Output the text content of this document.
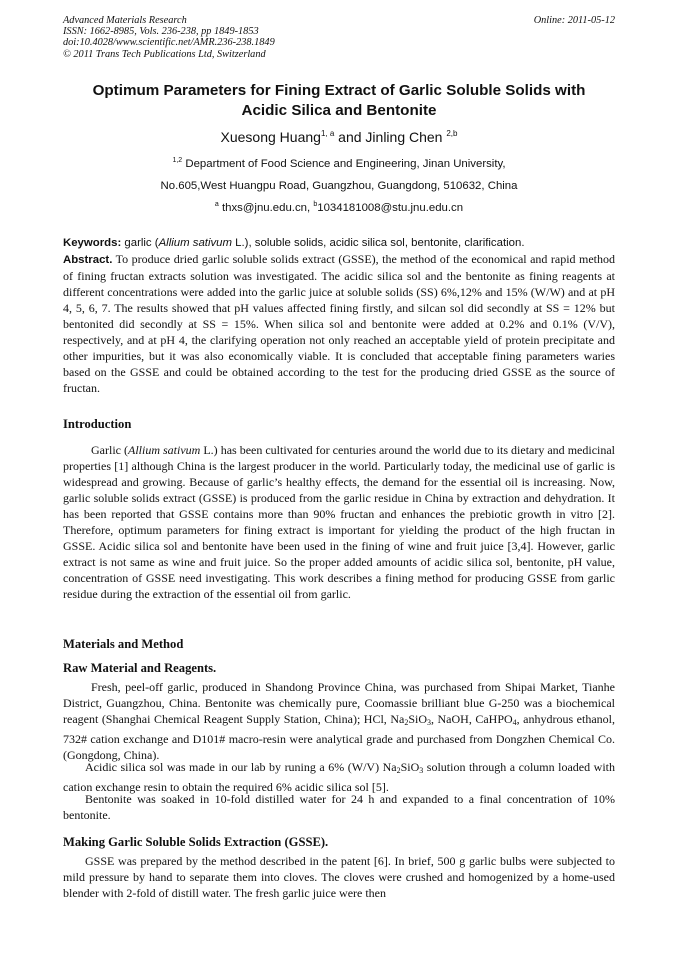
Advanced Materials Research
ISSN: 1662-8985, Vols. 236-238, pp 1849-1853
doi:10.4028/www.scientific.net/AMR.236-238.1849
© 2011 Trans Tech Publications Ltd, Switzerland
Online: 2011-05-12
Optimum Parameters for Fining Extract of Garlic Soluble Solids with
Acidic Silica and Bentonite
Xuesong Huang$^{1, a}$ and Jinling Chen $^{2,b}$
$^{1,2}$ Department of Food Science and Engineering, Jinan University,
No.605,West Huangpu Road, Guangzhou, Guangdong, 510632, China
$^a$ thxs@jnu.edu.cn, $^b$1034181008@stu.jnu.edu.cn
Keywords: garlic (Allium sativum L.), soluble solids, acidic silica sol, bentonite, clarification.
Abstract. To produce dried garlic soluble solids extract (GSSE), the method of the economical and rapid method of fining fructan extracts solution was investigated. The acidic silica sol and the bentonite as fining reagents at different concentrations were added into the garlic juice at soluble solids (SS) 6%,12% and 15% (W/W) and at pH 4, 5, 6, 7. The results showed that pH values affected fining firstly, and silcan sol did secondly at SS = 12% but bentonited did secondly at SS = 15%. When silica sol and bentonite were added at 0.2% and 0.1% (V/V), respectively, and at pH 4, the clarifying operation not only reached an acceptable yield of protein precipitate and other impurities, but it was also economically viable. It is concluded that acceptable fining parameters waries based on the GSSE and could be obtained according to the test for the producing dried GSSE as the source of fructan.
Introduction
Garlic (Allium sativum L.) has been cultivated for centuries around the world due to its dietary and medicinal properties [1] although China is the largest producer in the world. Particularly today, the medicinal use of garlic is widespread and growing. Because of garlic’s healthy effects, the demand for the essential oil is increasing. Now, garlic soluble solids extract (GSSE) is produced from the garlic residue in China by extraction and dehydration. It has been reported that GSSE contains more than 90% fructan and enhances the prebiotic growth in vitro [2]. Therefore, optimum parameters for fining extract is important for yielding the product of the high fructan in GSSE. Acidic silica sol and bentonite have been used in the fining of wine and fruit juice [3,4]. However, garlic extract is not same as wine and fruit juice. So the proper added amounts of acidic silica sol, bentonite, pH value, concentration of GSSE need investigating. This work describes a fining method for producing GSSE from garlic residue during the extraction of the essential oil from garlic.
Materials and Method
Raw Material and Reagents.
Fresh, peel-off garlic, produced in Shandong Province China, was purchased from Shipai Market, Tianhe District, Guangzhou, China. Bentonite was chemically pure, Coomassie brilliant blue G-250 was a biochemical reagent (Shanghai Chemical Reagent Supply Station, China); HCl, $Na_2SiO_3$, NaOH, CaHPO$_4$, anhydrous ethanol, 732# cation exchange and D101# macro-resin were analytical grade and purchased from Dongzhen Chemical Co. (Gongdong, China).
Acidic silica sol was made in our lab by runing a 6% (W/V) $Na_2SiO_3$ solution through a column loaded with cation exchange resin to obtain the required 6% acidic silica sol [5].
Bentonite was soaked in 10-fold distilled water for 24 h and expanded to a final concentration of 10% bentonite.
Making Garlic Soluble Solids Extraction (GSSE).
GSSE was prepared by the method described in the patent [6]. In brief, 500 g garlic bulbs were subjected to mild pressure by hand to separate them into cloves. The cloves were crushed and homogenized by a home-used blender with 2-fold of distill water. The fresh garlic juice were then
